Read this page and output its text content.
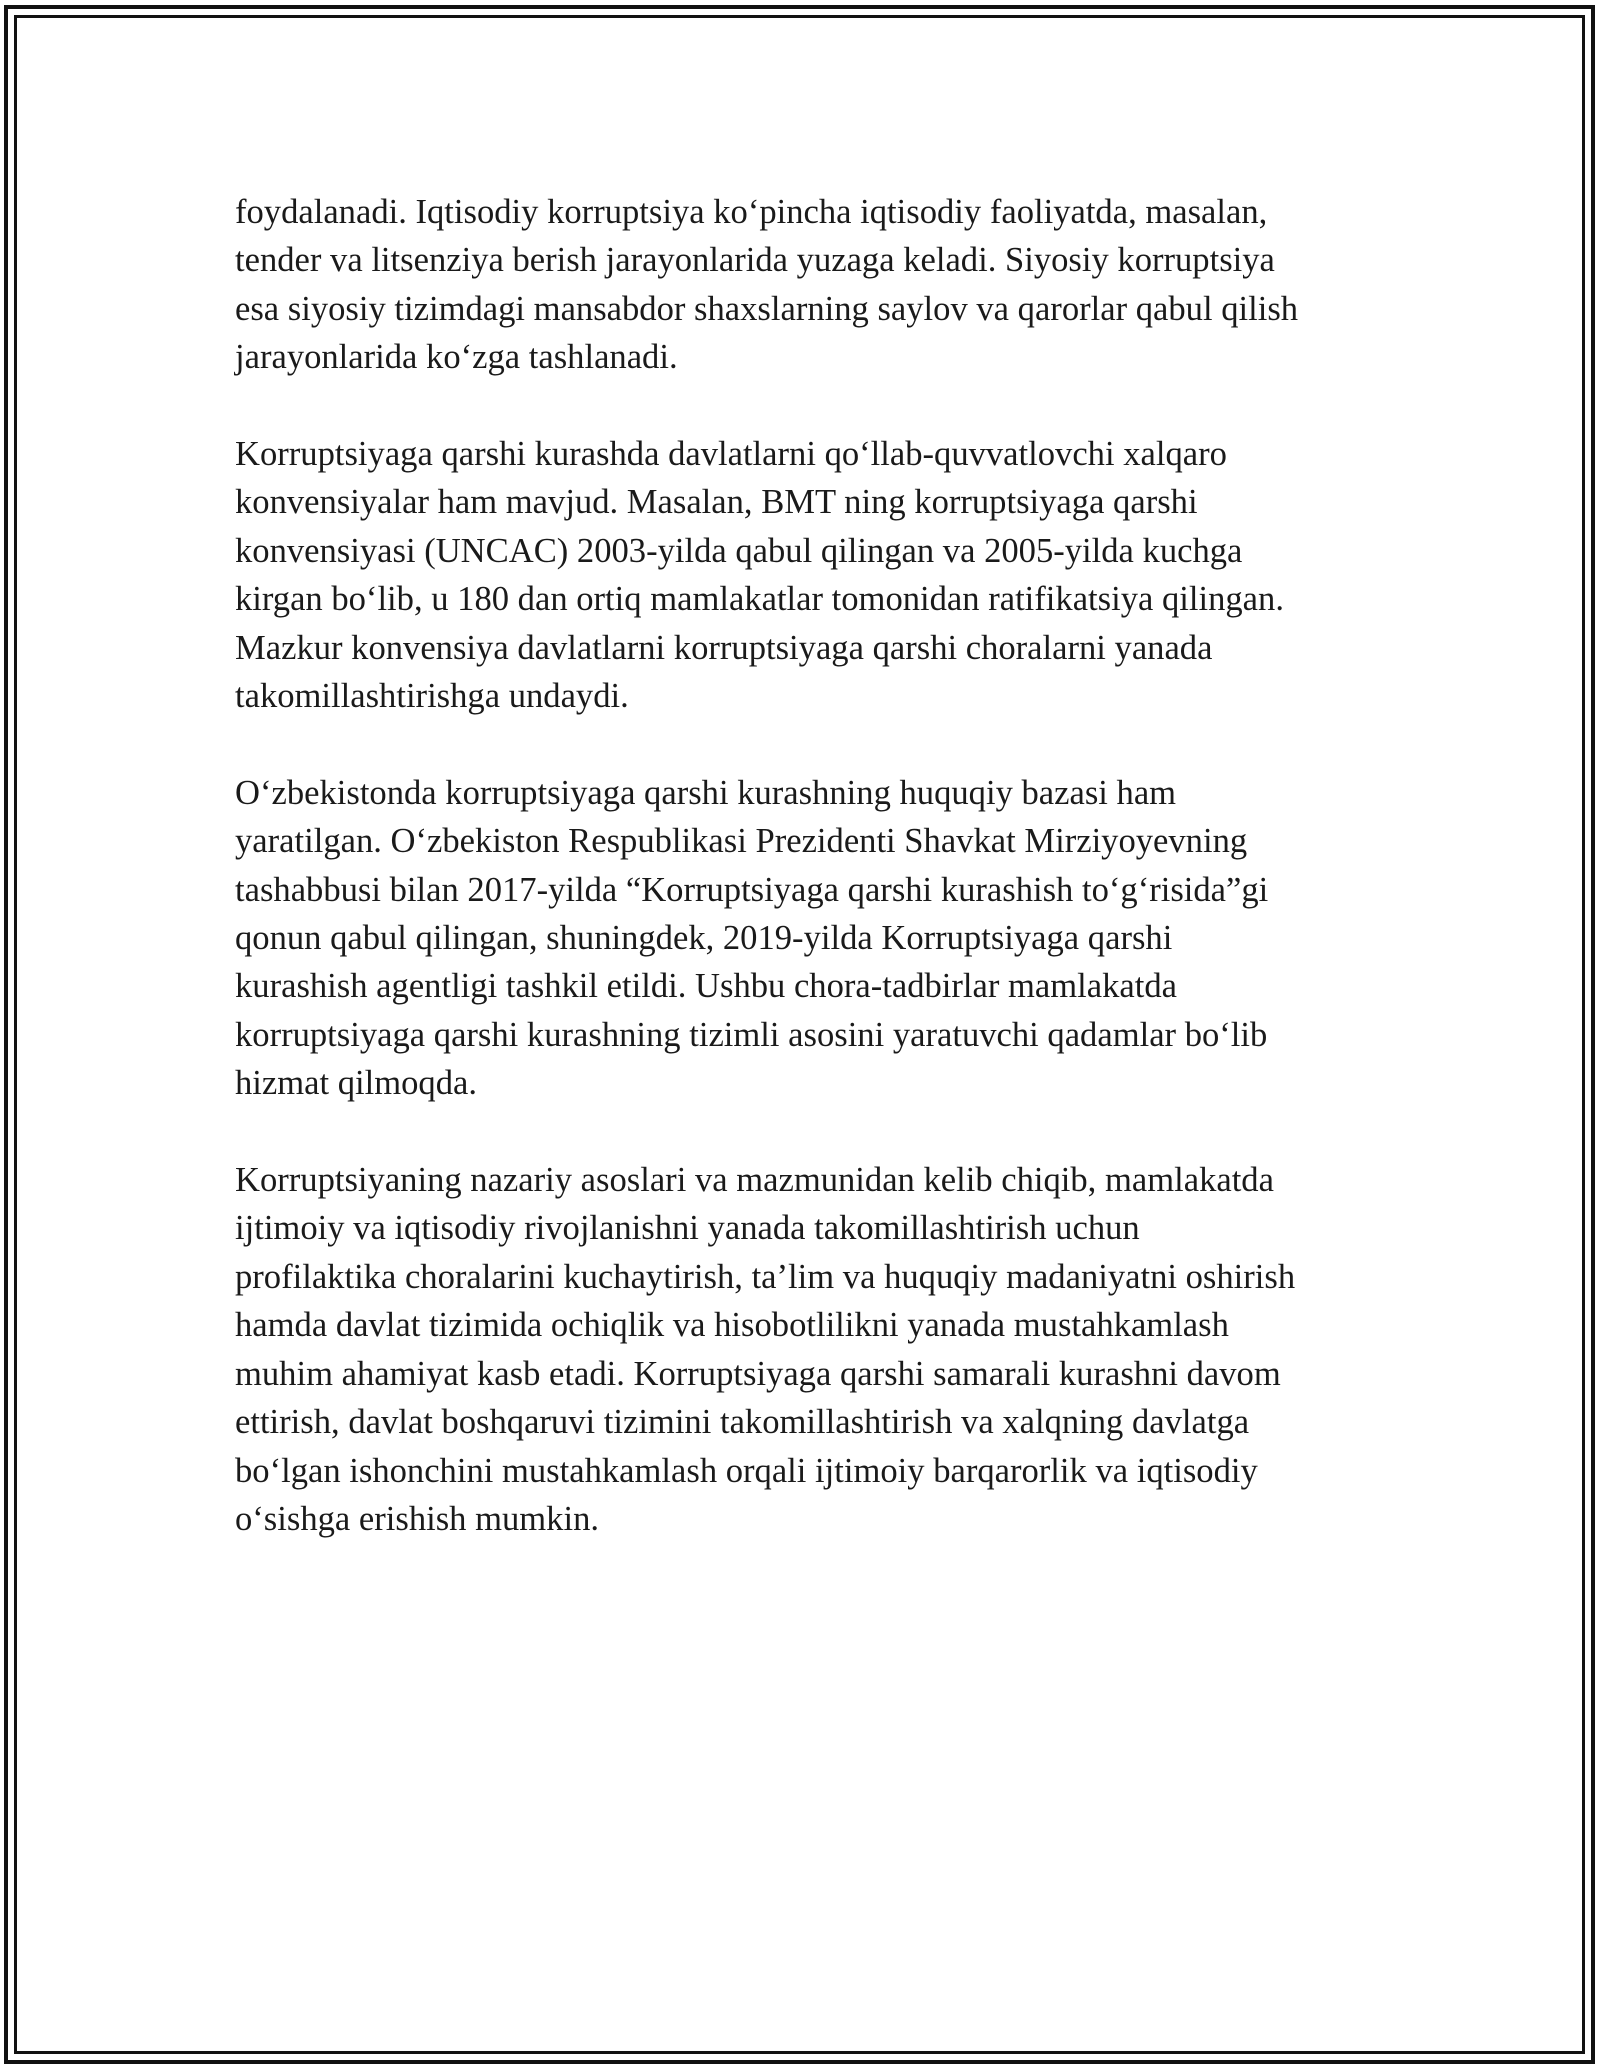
foydalanadi. Iqtisodiy korruptsiya ko‘pincha iqtisodiy faoliyatda, masalan,
tender va litsenziya berish jarayonlarida yuzaga keladi. Siyosiy korruptsiya
esa siyosiy tizimdagi mansabdor shaxslarning saylov va qarorlar qabul qilish
jarayonlarida ko‘zga tashlanadi.

Korruptsiyaga qarshi kurashda davlatlarni qo‘llab-quvvatlovchi xalqaro
konvensiyalar ham mavjud. Masalan, BMT ning korruptsiyaga qarshi
konvensiyasi (UNCAC) 2003-yilda qabul qilingan va 2005-yilda kuchga
kirgan bo‘lib, u 180 dan ortiq mamlakatlar tomonidan ratifikatsiya qilingan.
Mazkur konvensiya davlatlarni korruptsiyaga qarshi choralarni yanada
takomillashtirishga undaydi.

O‘zbekistonda korruptsiyaga qarshi kurashning huquqiy bazasi ham
yaratilgan. O‘zbekiston Respublikasi Prezidenti Shavkat Mirziyoyevning
tashabbusi bilan 2017-yilda “Korruptsiyaga qarshi kurashish to‘g‘risida”gi
qonun qabul qilingan, shuningdek, 2019-yilda Korruptsiyaga qarshi
kurashish agentligi tashkil etildi. Ushbu chora-tadbirlar mamlakatda
korruptsiyaga qarshi kurashning tizimli asosini yaratuvchi qadamlar bo‘lib
hizmat qilmoqda.

Korruptsiyaning nazariy asoslari va mazmunidan kelib chiqib, mamlakatda
ijtimoiy va iqtisodiy rivojlanishni yanada takomillashtirish uchun
profilaktika choralarini kuchaytirish, ta’lim va huquqiy madaniyatni oshirish
hamda davlat tizimida ochiqlik va hisobotlilikni yanada mustahkamlash
muhim ahamiyat kasb etadi. Korruptsiyaga qarshi samarali kurashni davom
ettirish, davlat boshqaruvi tizimini takomillashtirish va xalqning davlatga
bo‘lgan ishonchini mustahkamlash orqali ijtimoiy barqarorlik va iqtisodiy
o‘sishga erishish mumkin.
